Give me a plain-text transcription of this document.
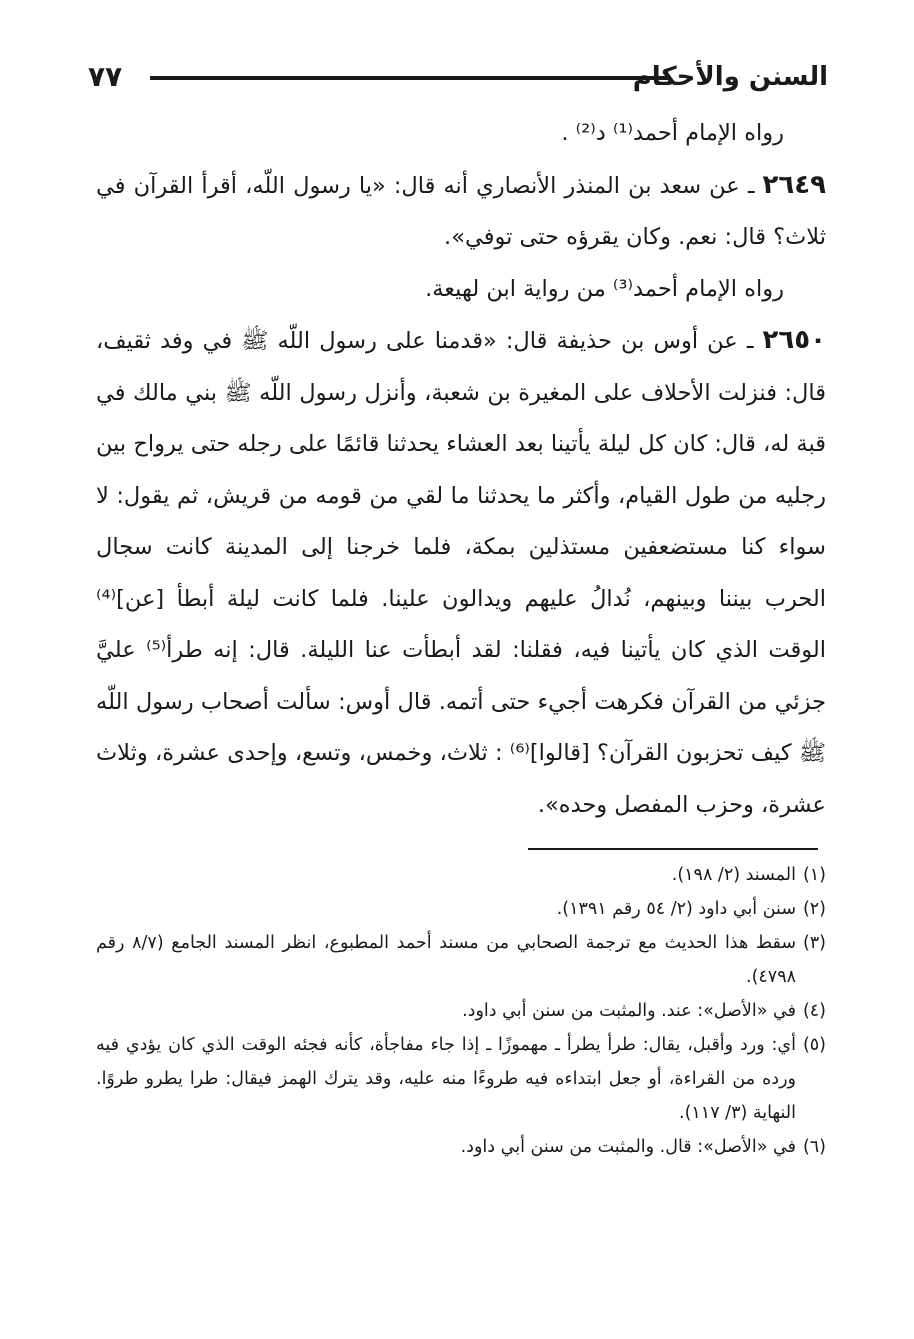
٧٧	السنن والأحكام

رواه الإمام أحمد⁽¹⁾ د⁽²⁾ .

٢٦٤٩ ـ عن سعد بن المنذر الأنصاري أنه قال: «يا رسول اللّه، أقرأ القرآن في ثلاث؟ قال: نعم. وكان يقرؤه حتى توفي».

رواه الإمام أحمد⁽³⁾ من رواية ابن لهيعة.

٢٦٥٠ ـ عن أوس بن حذيفة قال: «قدمنا على رسول اللّه ﷺ في وفد ثقيف، قال: فنزلت الأحلاف على المغيرة بن شعبة، وأنزل رسول اللّه ﷺ بني مالك في قبة له، قال: كان كل ليلة يأتينا بعد العشاء يحدثنا قائمًا على رجله حتى يرواح بين رجليه من طول القيام، وأكثر ما يحدثنا ما لقي من قومه من قريش، ثم يقول: لا سواء كنا مستضعفين مستذلين بمكة، فلما خرجنا إلى المدينة كانت سجال الحرب بيننا وبينهم، نُدالُ عليهم ويدالون علينا. فلما كانت ليلة أبطأ [عن]⁽⁴⁾ الوقت الذي كان يأتينا فيه، فقلنا: لقد أبطأت عنا الليلة. قال: إنه طرأ⁽⁵⁾ عليَّ جزئي من القرآن فكرهت أجيء حتى أتمه. قال أوس: سألت أصحاب رسول اللّه ﷺ كيف تحزبون القرآن؟ [قالوا]⁽⁶⁾ : ثلاث، وخمس، وتسع، وإحدى عشرة، وثلاث عشرة، وحزب المفصل وحده».

(١)
المسند (٢/ ١٩٨).

(٢)
سنن أبي داود (٢/ ٥٤ رقم ١٣٩١).

(٣)
سقط هذا الحديث مع ترجمة الصحابي من مسند أحمد المطبوع، انظر المسند الجامع (٨/٧ رقم ٤٧٩٨).

(٤)
في «الأصل»: عند. والمثبت من سنن أبي داود.

(٥)
أي: ورد وأقبل، يقال: طرأ يطرأ ـ مهموزًا ـ إذا جاء مفاجأة، كأنه فجئه الوقت الذي كان يؤدي فيه ورده من القراءة، أو جعل ابتداءه فيه طروءًا منه عليه، وقد يترك الهمز فيقال: طرا يطرو طروًا. النهاية (٣/ ١١٧).

(٦)
في «الأصل»: قال. والمثبت من سنن أبي داود.
